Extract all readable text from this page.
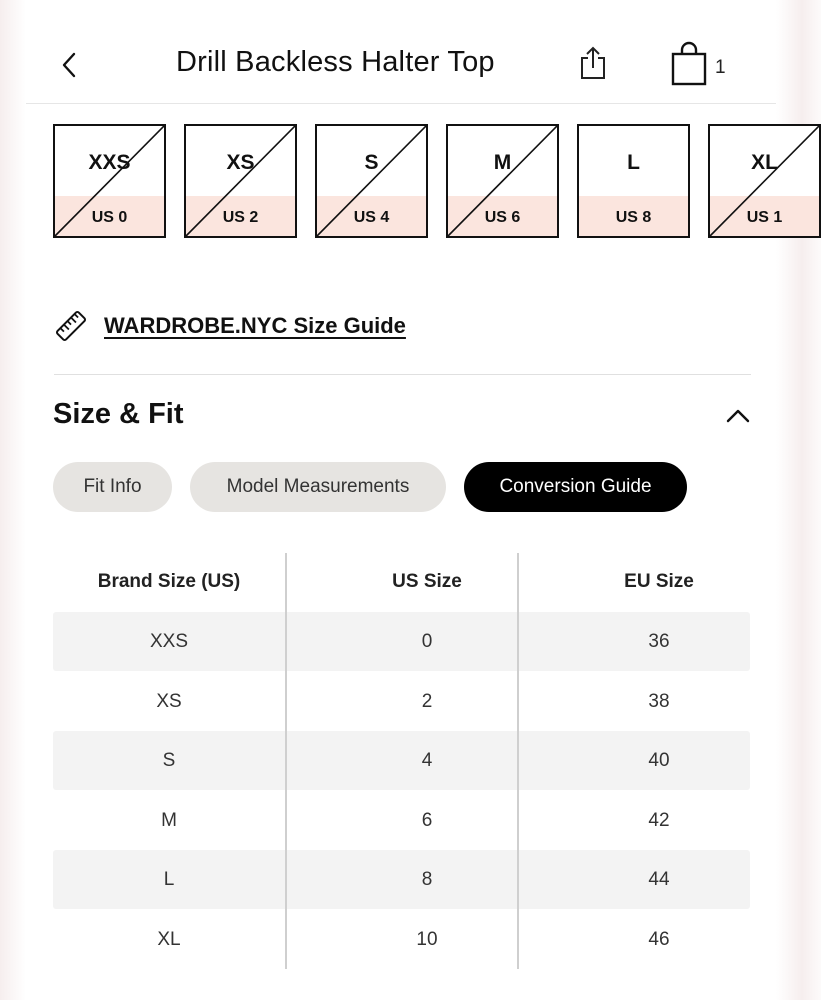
Drill Backless Halter Top	1
XXS
US 0
XS
US 2
S
US 4
M
US 6
L
US 8
XL
US 1
WARDROBE.NYC Size Guide
Size & Fit
Fit Info	Model Measurements	Conversion Guide
Brand Size (US)	US Size	EU Size
XXS	0	36
XS	2	38
S	4	40
M	6	42
L	8	44
XL	10	46
